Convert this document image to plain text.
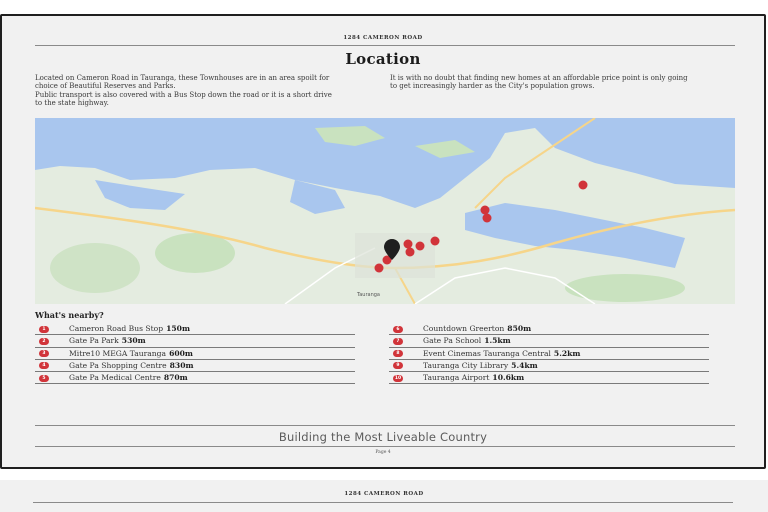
1284 CAMERON ROAD
Location

Located on Cameron Road in Tauranga, these Townhouses are in an area spoilt for choice of Beautiful Reserves and Parks.

Public transport is also covered with a Bus Stop down the road or it is a short drive to the state highway.

It is with no doubt that finding new homes at an affordable price point is only going to get increasingly harder as the City's population grows.

Tauranga
What's nearby?
1	Cameron Road Bus Stop 150m
2	Gate Pa Park 530m
3	Mitre10 MEGA Tauranga 600m
4	Gate Pa Shopping Centre 830m
5	Gate Pa Medical Centre 870m
6	Countdown Greerton 850m
7	Gate Pa School 1.5km
8	Event Cinemas Tauranga Central 5.2km
9	Tauranga City Library 5.4km
10	Tauranga Airport 10.6km
Building the Most Liveable Country
Page 4
1284 CAMERON ROAD
